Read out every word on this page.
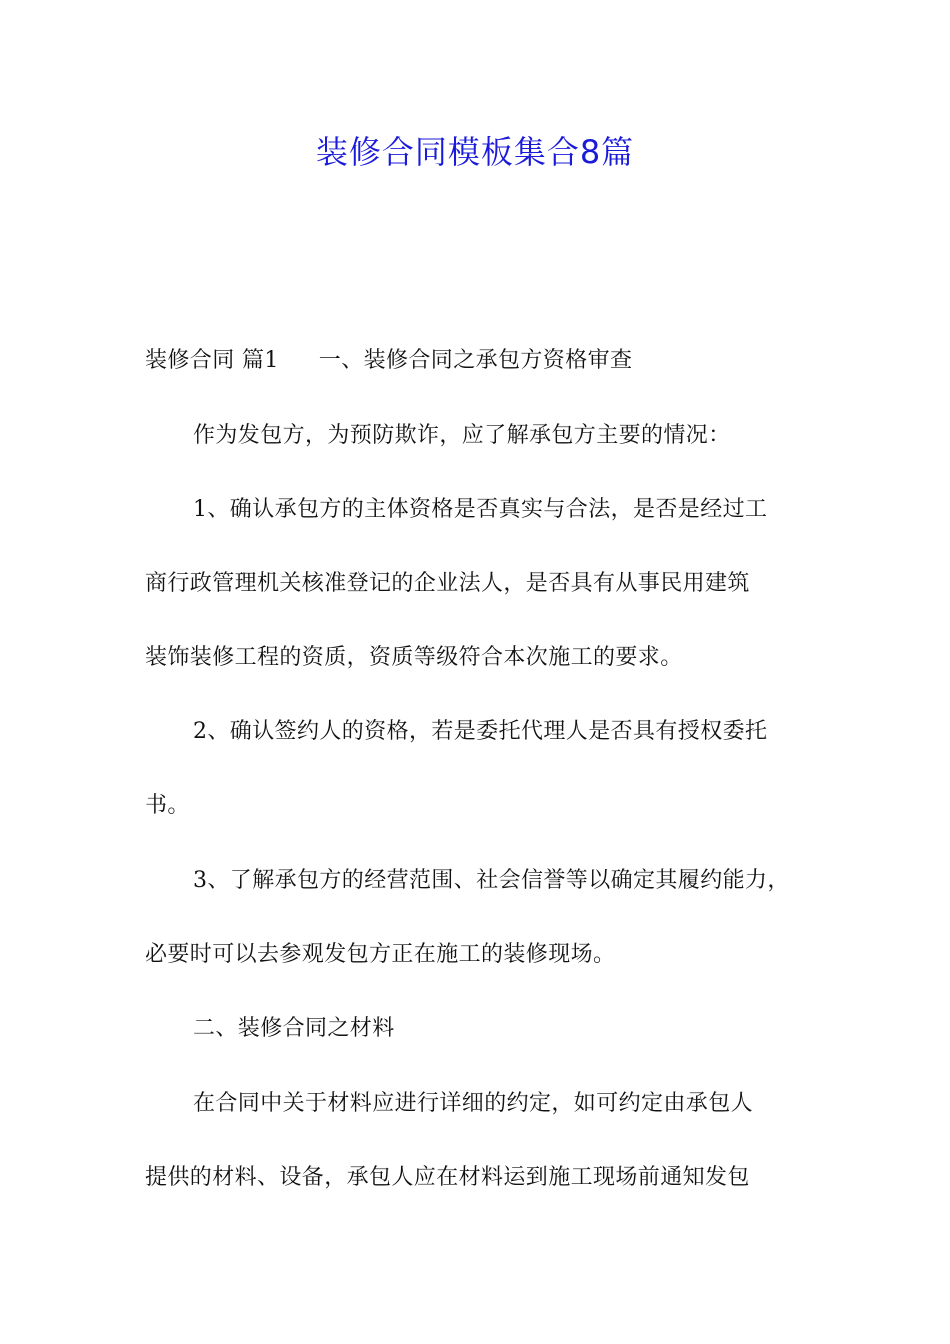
装修合同模板集合8篇
装修合同 篇1 一、装修合同之承包方资格审查
作为发包方，为预防欺诈，应了解承包方主要的情况：
1、确认承包方的主体资格是否真实与合法，是否是经过工
商行政管理机关核准登记的企业法人，是否具有从事民用建筑
装饰装修工程的资质，资质等级符合本次施工的要求。
2、确认签约人的资格，若是委托代理人是否具有授权委托
书。
3、了解承包方的经营范围、社会信誉等以确定其履约能力，
必要时可以去参观发包方正在施工的装修现场。
二、装修合同之材料
在合同中关于材料应进行详细的约定，如可约定由承包人
提供的材料、设备，承包人应在材料运到施工现场前通知发包
